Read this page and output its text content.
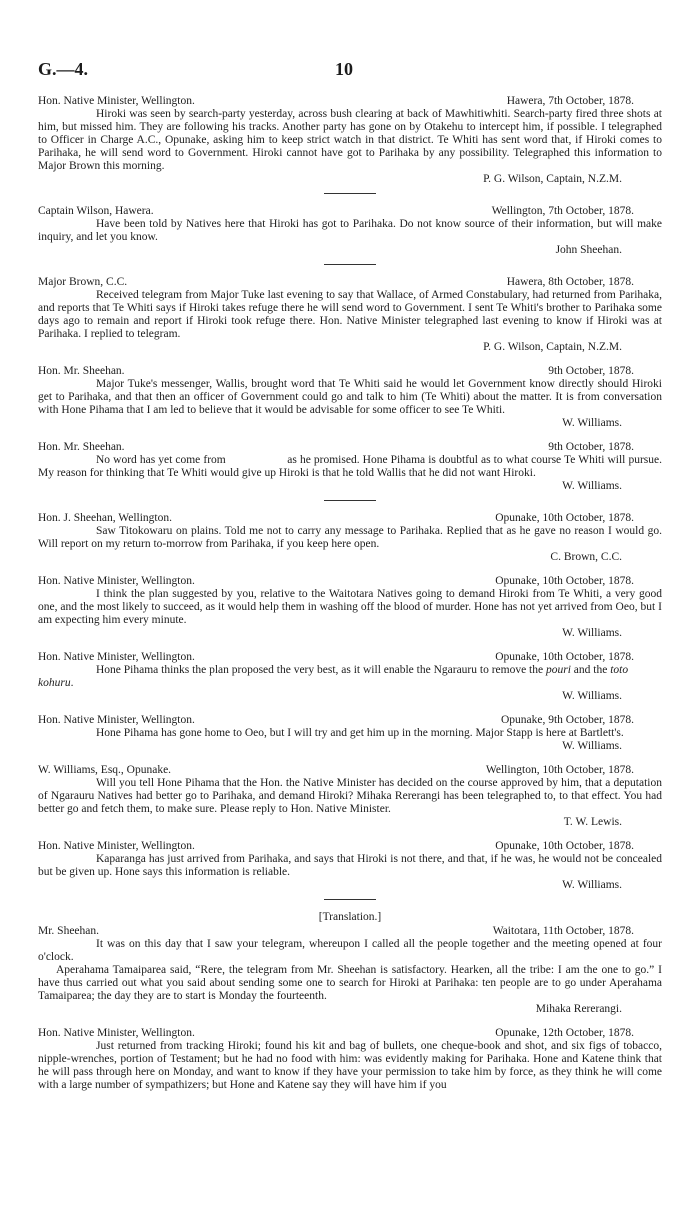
G.—4.	10
Hon. Native Minister, Wellington.	Hawera, 7th October, 1878.

Hiroki was seen by search-party yesterday, across bush clearing at back of Mawhitiwhiti. Search-party fired three shots at him, but missed him. They are following his tracks. Another party has gone on by Otakehu to intercept him, if possible. I telegraphed to Officer in Charge A.C., Opunake, asking him to keep strict watch in that district. Te Whiti has sent word that, if Hiroki comes to Parihaka, he will send word to Government. Hiroki cannot have got to Parihaka by any possibility. Telegraphed this information to Major Brown this morning.

P. G. Wilson, Captain, N.Z.M.
Captain Wilson, Hawera.	Wellington, 7th October, 1878.

Have been told by Natives here that Hiroki has got to Parihaka. Do not know source of their information, but will make inquiry, and let you know.

John Sheehan.
Major Brown, C.C.	Hawera, 8th October, 1878.

Received telegram from Major Tuke last evening to say that Wallace, of Armed Constabulary, had returned from Parihaka, and reports that Te Whiti says if Hiroki takes refuge there he will send word to Government. I sent Te Whiti's brother to Parihaka some days ago to remain and report if Hiroki took refuge there. Hon. Native Minister telegraphed last evening to know if Hiroki was at Parihaka. I replied to telegram.

P. G. Wilson, Captain, N.Z.M.
Hon. Mr. Sheehan.	9th October, 1878.

Major Tuke's messenger, Wallis, brought word that Te Whiti said he would let Government know directly should Hiroki get to Parihaka, and that then an officer of Government could go and talk to him (Te Whiti) about the matter. It is from conversation with Hone Pihama that I am led to believe that it would be advisable for some officer to see Te Whiti.

W. Williams.
Hon. Mr. Sheehan.	9th October, 1878.

No word has yet come from                    as he promised. Hone Pihama is doubtful as to what course Te Whiti will pursue. My reason for thinking that Te Whiti would give up Hiroki is that he told Wallis that he did not want Hiroki.

W. Williams.
Hon. J. Sheehan, Wellington.	Opunake, 10th October, 1878.

Saw Titokowaru on plains. Told me not to carry any message to Parihaka. Replied that as he gave no reason I would go. Will report on my return to-morrow from Parihaka, if you keep here open.

C. Brown, C.C.
Hon. Native Minister, Wellington.	Opunake, 10th October, 1878.

I think the plan suggested by you, relative to the Waitotara Natives going to demand Hiroki from Te Whiti, a very good one, and the most likely to succeed, as it would help them in washing off the blood of murder. Hone has not yet arrived from Oeo, but I am expecting him every minute.

W. Williams.
Hon. Native Minister, Wellington.	Opunake, 10th October, 1878.

Hone Pihama thinks the plan proposed the very best, as it will enable the Ngarauru to remove the pouri and the toto kohuru.

W. Williams.
Hon. Native Minister, Wellington.	Opunake, 9th October, 1878.

Hone Pihama has gone home to Oeo, but I will try and get him up in the morning. Major Stapp is here at Bartlett's.

W. Williams.
W. Williams, Esq., Opunake.	Wellington, 10th October, 1878.

Will you tell Hone Pihama that the Hon. the Native Minister has decided on the course approved by him, that a deputation of Ngarauru Natives had better go to Parihaka, and demand Hiroki? Mihaka Rererangi has been telegraphed to, to that effect. You had better go and fetch them, to make sure. Please reply to Hon. Native Minister.

T. W. Lewis.
Hon. Native Minister, Wellington.	Opunake, 10th October, 1878.

Kaparanga has just arrived from Parihaka, and says that Hiroki is not there, and that, if he was, he would not be concealed but be given up. Hone says this information is reliable.

W. Williams.
[Translation.]
Mr. Sheehan.	Waitotara, 11th October, 1878.

It was on this day that I saw your telegram, whereupon I called all the people together and the meeting opened at four o'clock.

Aperahama Tamaiparea said, “Rere, the telegram from Mr. Sheehan is satisfactory. Hearken, all the tribe: I am the one to go.” I have thus carried out what you said about sending some one to search for Hiroki at Parihaka: ten people are to go under Aperahama Tamaiparea; the day they are to start is Monday the fourteenth.

Mihaka Rererangi.
Hon. Native Minister, Wellington.	Opunake, 12th October, 1878.

Just returned from tracking Hiroki; found his kit and bag of bullets, one cheque-book and shot, and six figs of tobacco, nipple-wrenches, portion of Testament; but he had no food with him: was evidently making for Parihaka. Hone and Katene think that he will pass through here on Monday, and want to know if they have your permission to take him by force, as they think he will come with a large number of sympathizers; but Hone and Katene say they will have him if you
